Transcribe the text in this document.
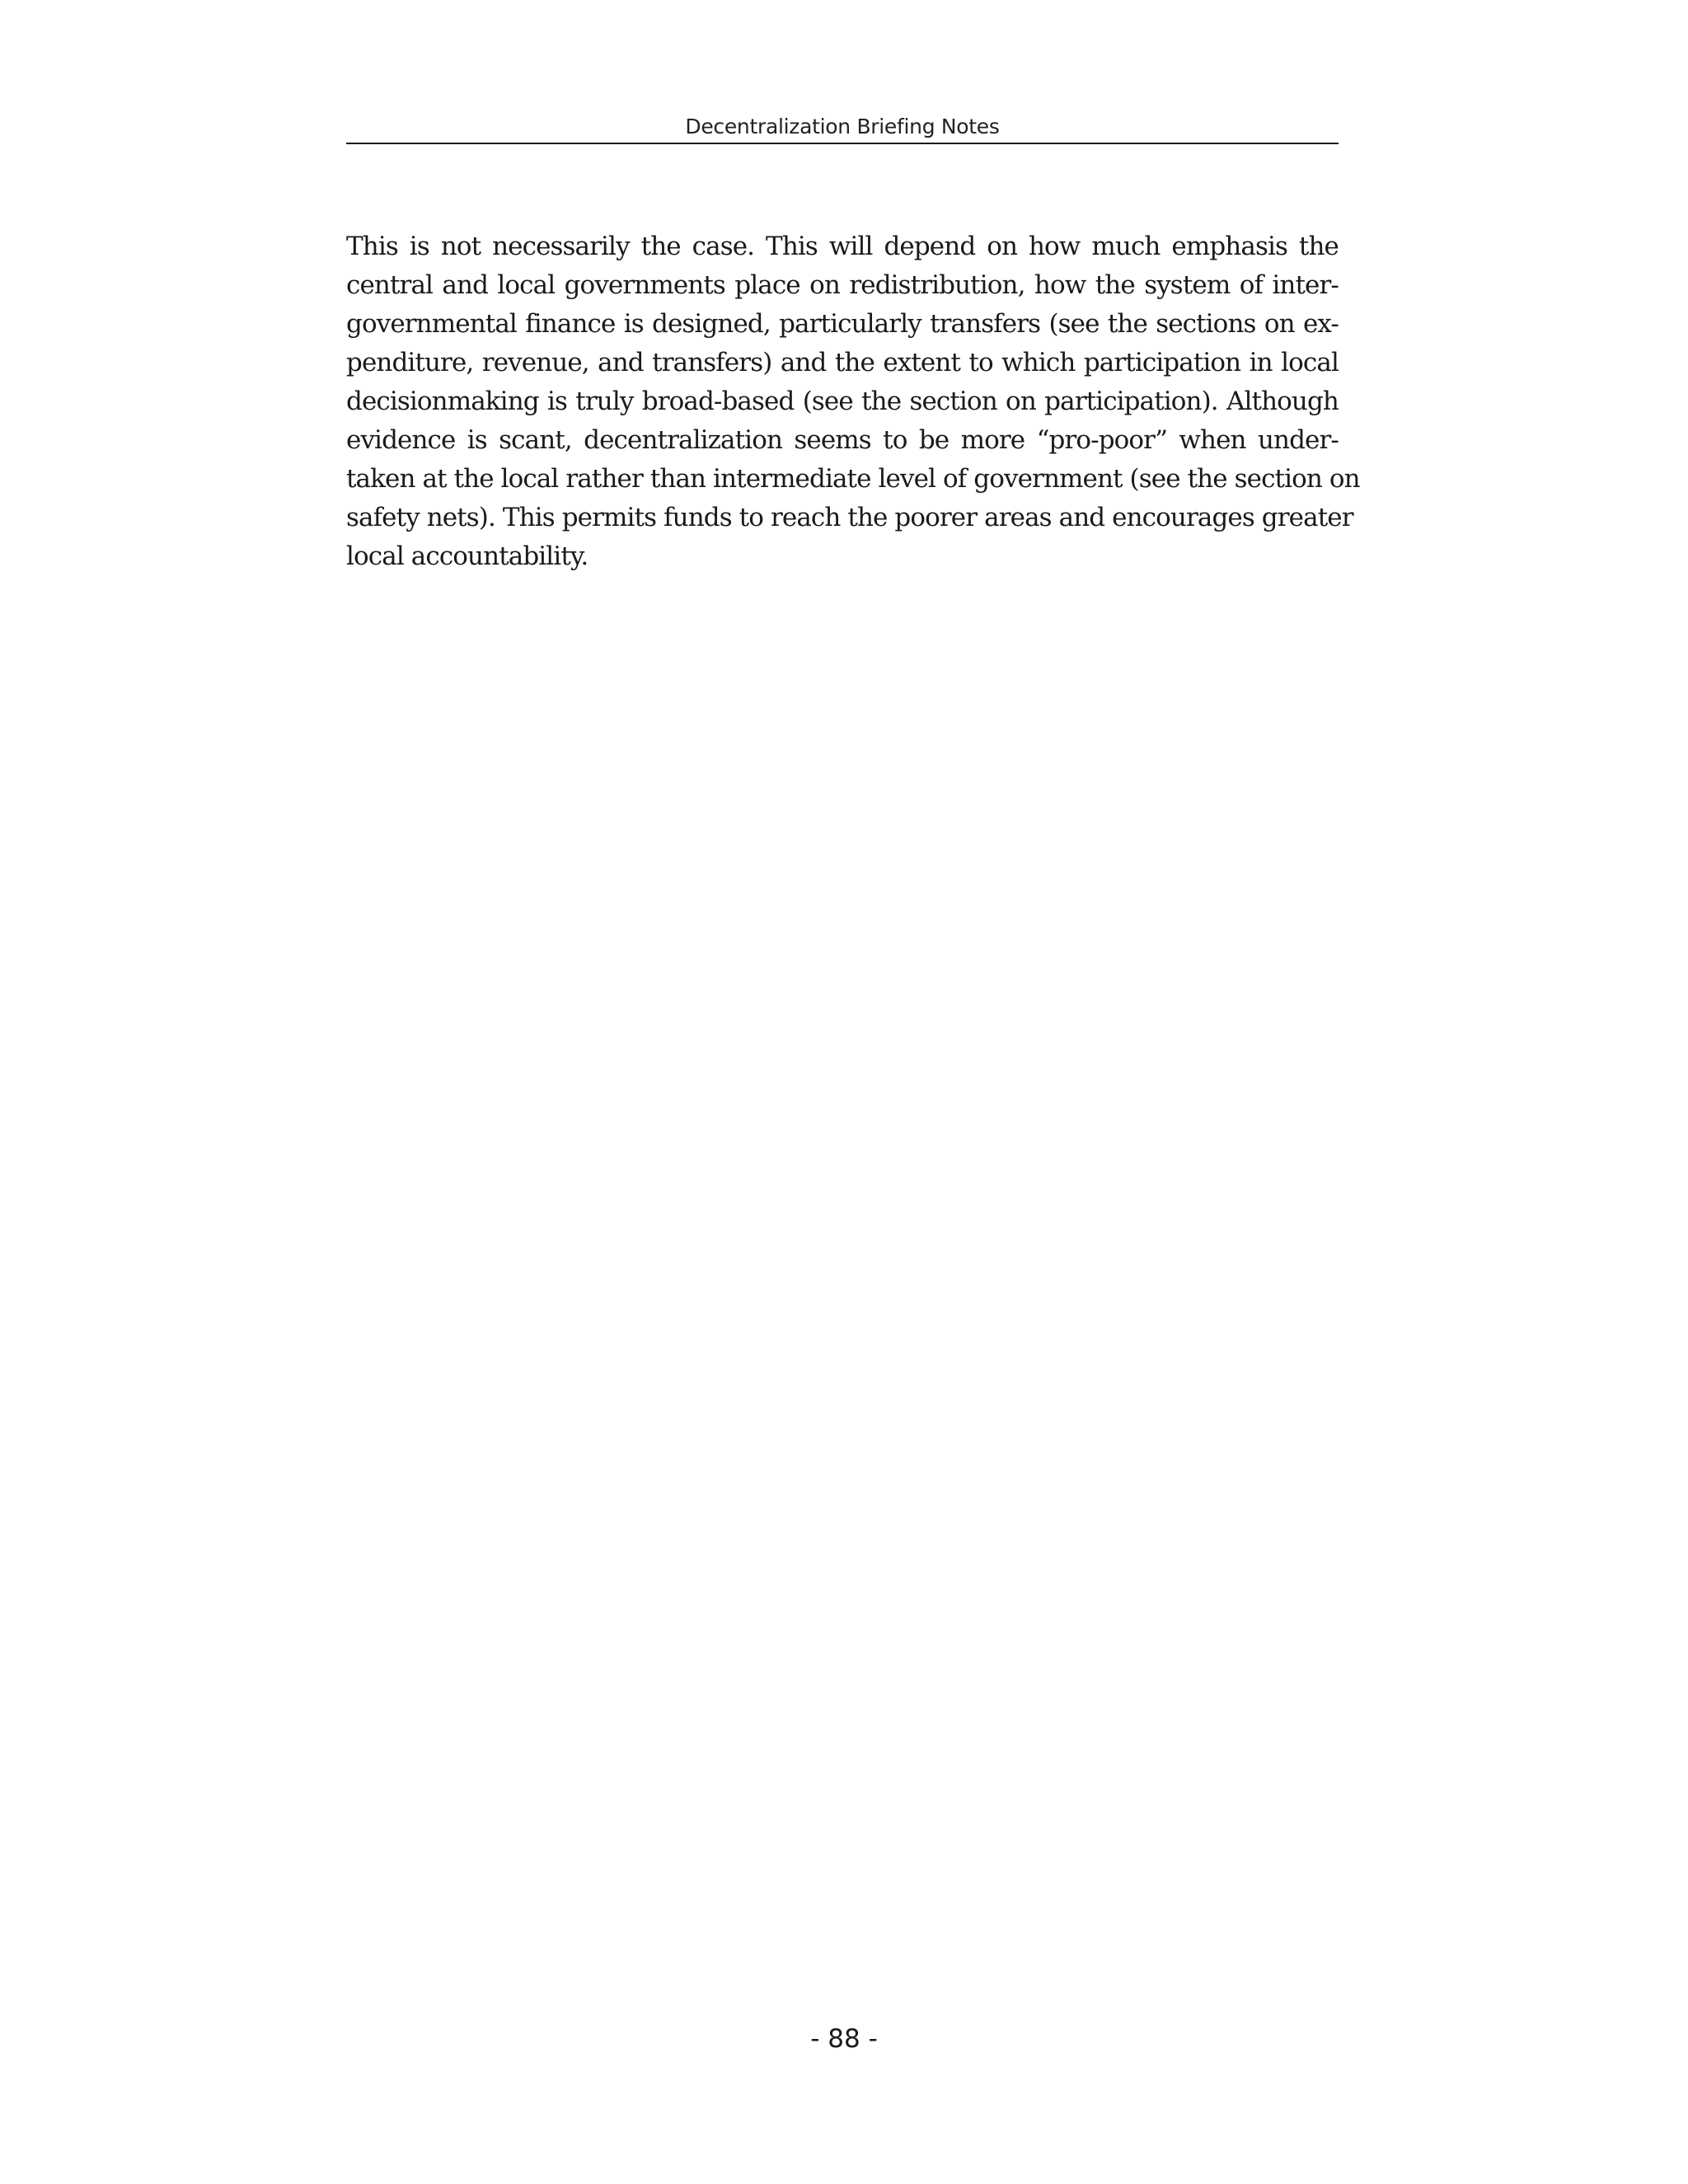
Decentralization Briefing Notes

This is not necessarily the case. This will depend on how much emphasis the
central and local governments place on redistribution, how the system of inter-
governmental finance is designed, particularly transfers (see the sections on ex-
penditure, revenue, and transfers) and the extent to which participation in local
decisionmaking is truly broad-based (see the section on participation). Although
evidence is scant, decentralization seems to be more “pro-poor” when under-
taken at the local rather than intermediate level of government (see the section on
safety nets). This permits funds to reach the poorer areas and encourages greater
local accountability.

- 88 -
